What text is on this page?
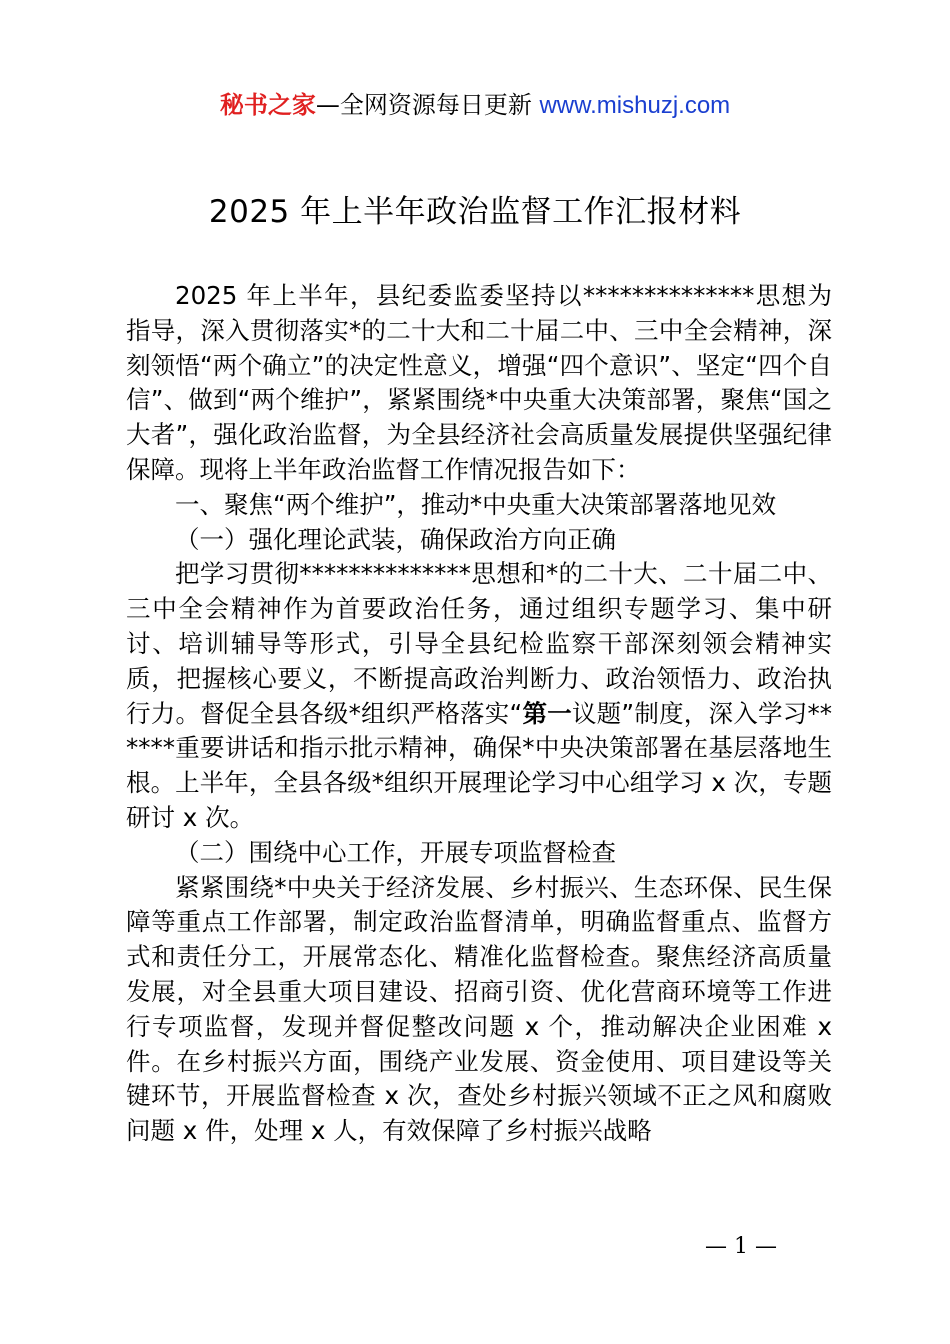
秘书之家—全网资源每日更新 www.mishuzj.com
2025 年上半年政治监督工作汇报材料

2025 年上半年，县纪委监委坚持以**************思想为指导，深入贯彻落实*的二十大和二十届二中、三中全会精神，深刻领悟“两个确立”的决定性意义，增强“四个意识”、坚定“四个自信”、做到“两个维护”，紧紧围绕*中央重大决策部署，聚焦“国之大者”，强化政治监督，为全县经济社会高质量发展提供坚强纪律保障。现将上半年政治监督工作情况报告如下：

一、聚焦“两个维护”，推动*中央重大决策部署落地见效

（一）强化理论武装，确保政治方向正确

把学习贯彻**************思想和*的二十大、二十届二中、三中全会精神作为首要政治任务，通过组织专题学习、集中研讨、培训辅导等形式，引导全县纪检监察干部深刻领会精神实质，把握核心要义，不断提高政治判断力、政治领悟力、政治执行力。督促全县各级*组织严格落实“第一议题”制度，深入学习******重要讲话和指示批示精神，确保*中央决策部署在基层落地生根。上半年，全县各级*组织开展理论学习中心组学习 x 次，专题研讨 x 次。

（二）围绕中心工作，开展专项监督检查

紧紧围绕*中央关于经济发展、乡村振兴、生态环保、民生保障等重点工作部署，制定政治监督清单，明确监督重点、监督方式和责任分工，开展常态化、精准化监督检查。聚焦经济高质量发展，对全县重大项目建设、招商引资、优化营商环境等工作进行专项监督，发现并督促整改问题 x 个，推动解决企业困难 x 件。在乡村振兴方面，围绕产业发展、资金使用、项目建设等关键环节，开展监督检查 x 次，查处乡村振兴领域不正之风和腐败问题 x 件，处理 x 人，有效保障了乡村振兴战略

— 1 —
